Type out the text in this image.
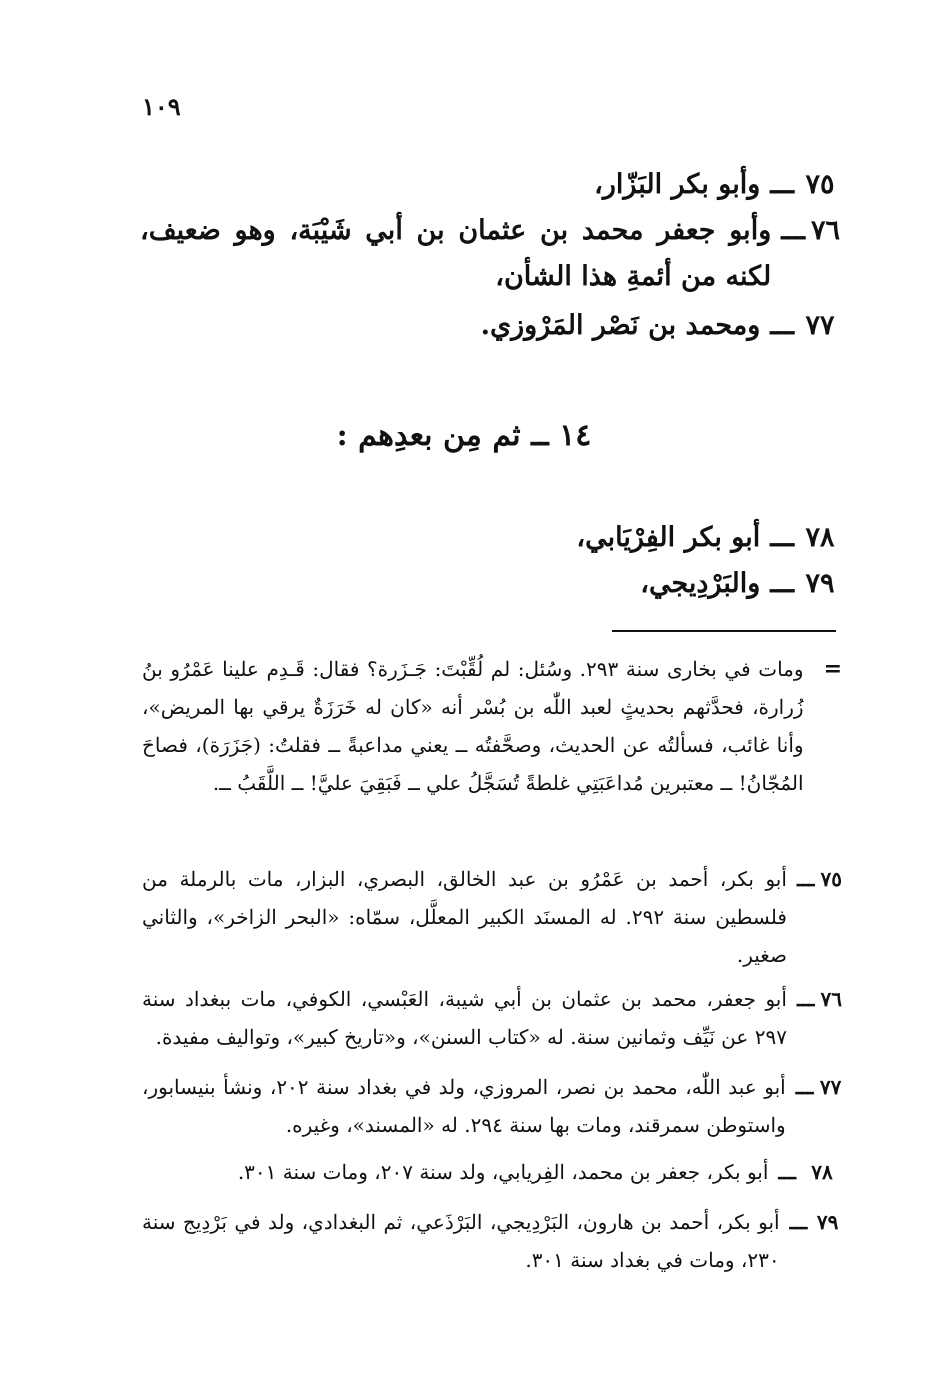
١٠٩
٧٥
ـــ
وأبو بكر البَزّار،
٧٦
ـــ
وأبو جعفر محمد بن عثمان بن أبي شَيْبَة، وهو ضعيف، لكنه من أئمةِ هذا الشأن،
٧٧
ـــ
ومحمد بن نَصْر المَرْوزي.
١٤ ــ ثم مِن بعدِهم :
٧٨
ـــ
أبو بكر الفِرْيَابي،
٧٩
ـــ
والبَرْدِيجي،
=
ومات في بخارى سنة ٢٩٣. وسُئل: لم لُقِّبْتَ: جَـزَرة؟ فقال: قَـدِم علينا عَمْرُو بنُ زُرارة، فحدَّثهم بحديثٍ لعبد اللّٰه بن بُسْر أنه «كان له خَرَزَةٌ يرقي بها المريض»، وأنا غائب، فسألتُه عن الحديث، وصحَّفتُه ــ يعني مداعبةً ــ فقلتُ: (جَزَرَة)، فصاحَ المُجّانُ! ــ معتبرين مُداعَبَتِي غلطةً تُسَجَّلُ علي ــ فَبَقِيَ عليَّ! ــ اللَّقَبُ ــ.
٧٥
ـــ
أبو بكر، أحمد بن عَمْرُو بن عبد الخالق، البصري، البزار، مات بالرملة من فلسطين سنة ٢٩٢. له المسنَد الكبير المعلَّل، سمّاه: «البحر الزاخر»، والثاني صغير.
٧٦
ـــ
أبو جعفر، محمد بن عثمان بن أبي شيبة، العَبْسي، الكوفي، مات ببغداد سنة ٢٩٧ عن نَيِّف وثمانين سنة. له «كتاب السنن»، و«تاريخ كبير»، وتواليف مفيدة.
٧٧
ـــ
أبو عبد اللّٰه، محمد بن نصر، المروزي، ولد في بغداد سنة ٢٠٢، ونشأ بنيسابور، واستوطن سمرقند، ومات بها سنة ٢٩٤. له «المسند»، وغيره.
٧٨
ـــ
أبو بكر، جعفر بن محمد، الفِريابي، ولد سنة ٢٠٧، ومات سنة ٣٠١.
٧٩
ـــ
أبو بكر، أحمد بن هارون، البَرْدِيجي، البَرْذَعي، ثم البغدادي، ولد في بَرْدِيج سنة ٢٣٠، ومات في بغداد سنة ٣٠١.
